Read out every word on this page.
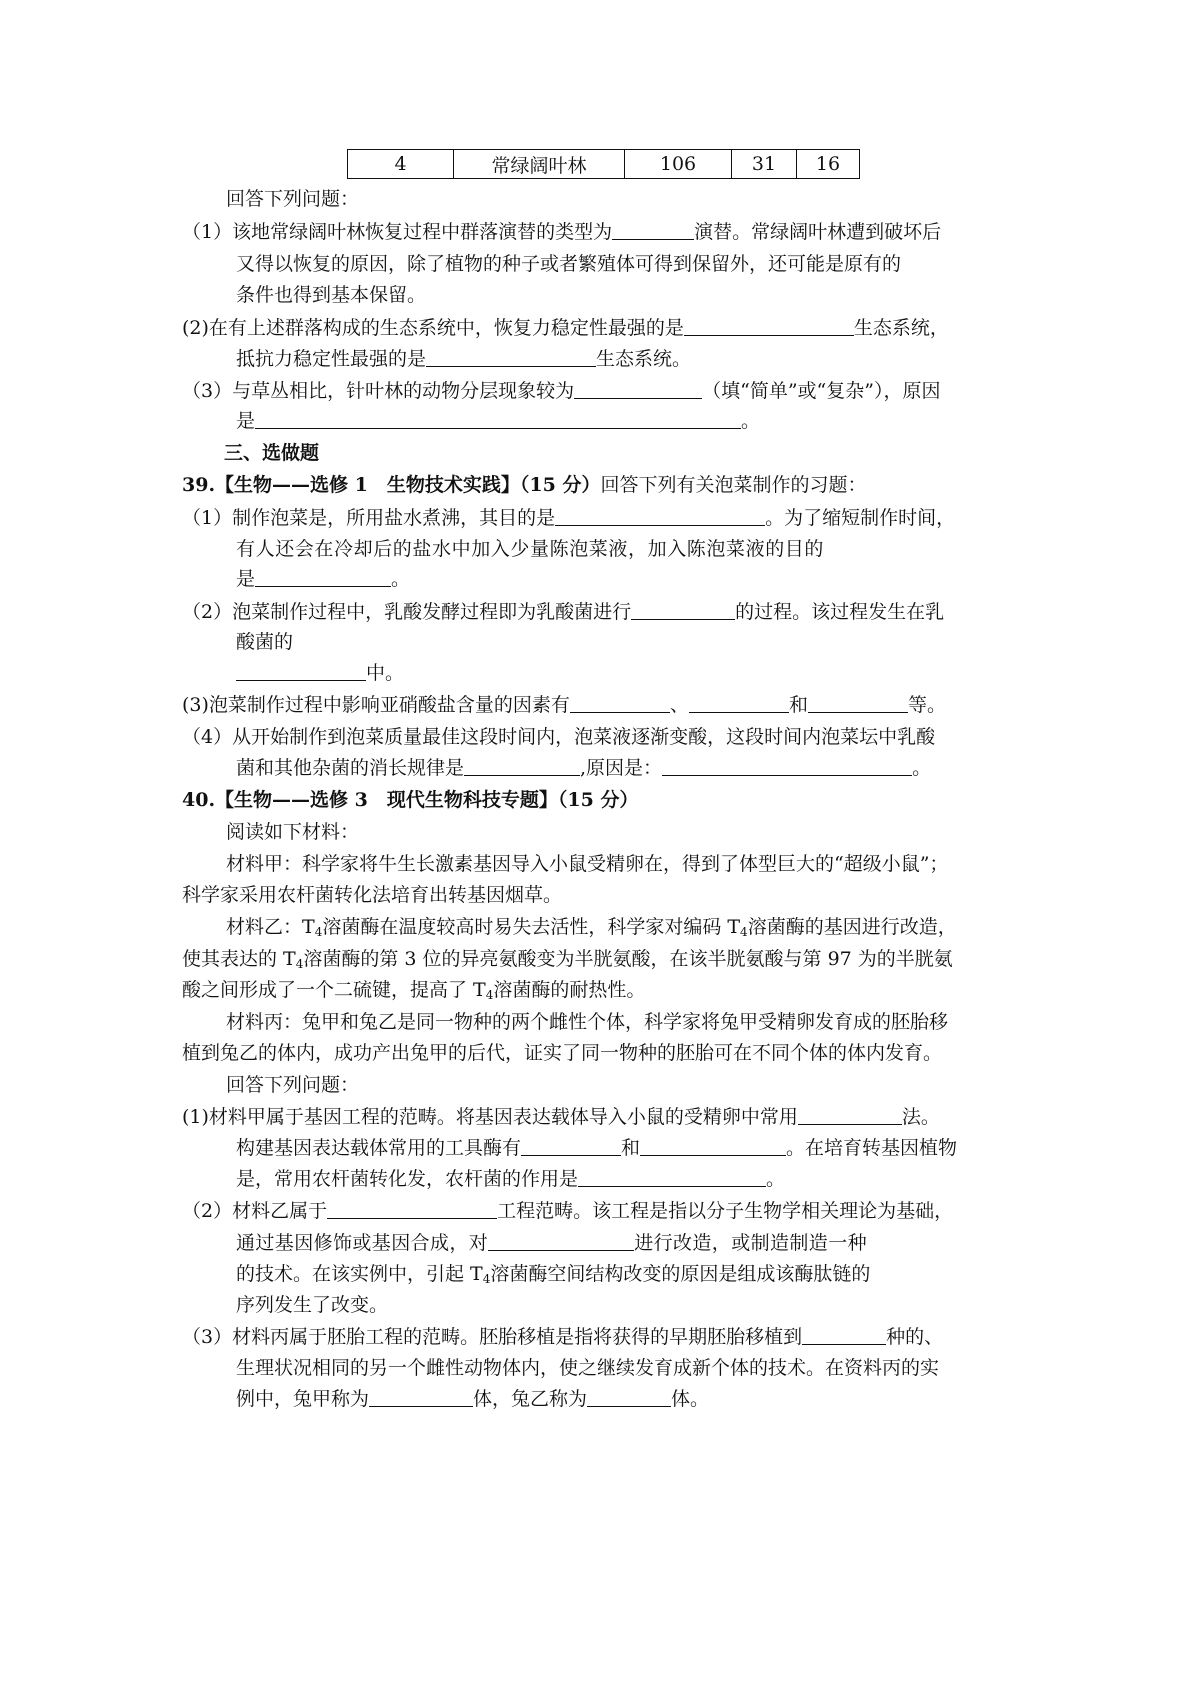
4	常绿阔叶林	106	31	16
回答下列问题：
（1）该地常绿阔叶林恢复过程中群落演替的类型为	演替。常绿阔叶林遭到破坏后
又得以恢复的原因，除了植物的种子或者繁殖体可得到保留外，还可能是原有的
条件也得到基本保留。
(2)在有上述群落构成的生态系统中，恢复力稳定性最强的是	生态系统，
抵抗力稳定性最强的是	生态系统。
（3）与草丛相比，针叶林的动物分层现象较为	（填“简单”或“复杂”），原因
是	。
三、选做题
39.【生物——选修 1　生物技术实践】（15 分）回答下列有关泡菜制作的习题：
（1）制作泡菜是，所用盐水煮沸，其目的是	。为了缩短制作时间，
有人还会在冷却后的盐水中加入少量陈泡菜液，加入陈泡菜液的目的
是	。
（2）泡菜制作过程中，乳酸发酵过程即为乳酸菌进行	的过程。该过程发生在乳
酸菌的
中。
(3)泡菜制作过程中影响亚硝酸盐含量的因素有	、	和	等。
（4）从开始制作到泡菜质量最佳这段时间内，泡菜液逐渐变酸，这段时间内泡菜坛中乳酸
菌和其他杂菌的消长规律是	,原因是：	。
40.【生物——选修 3　现代生物科技专题】（15 分）
阅读如下材料：
材料甲：科学家将牛生长激素基因导入小鼠受精卵在，得到了体型巨大的“超级小鼠”；
科学家采用农杆菌转化法培育出转基因烟草。
材料乙：$T_4$溶菌酶在温度较高时易失去活性，科学家对编码 $T_4$溶菌酶的基因进行改造，
使其表达的 $T_4$溶菌酶的第 3 位的异亮氨酸变为半胱氨酸，在该半胱氨酸与第 97 为的半胱氨
酸之间形成了一个二硫键，提高了 $T_4$溶菌酶的耐热性。
材料丙：兔甲和兔乙是同一物种的两个雌性个体，科学家将兔甲受精卵发育成的胚胎移
植到兔乙的体内，成功产出兔甲的后代，证实了同一物种的胚胎可在不同个体的体内发育。
回答下列问题：
(1)材料甲属于基因工程的范畴。将基因表达载体导入小鼠的受精卵中常用	法。
构建基因表达载体常用的工具酶有	和	。在培育转基因植物
是，常用农杆菌转化发，农杆菌的作用是	。
（2）材料乙属于	工程范畴。该工程是指以分子生物学相关理论为基础，
通过基因修饰或基因合成，对	进行改造，或制造制造一种
的技术。在该实例中，引起 $T_4$溶菌酶空间结构改变的原因是组成该酶肽链的
序列发生了改变。
（3）材料丙属于胚胎工程的范畴。胚胎移植是指将获得的早期胚胎移植到	种的、
生理状况相同的另一个雌性动物体内，使之继续发育成新个体的技术。在资料丙的实
例中，兔甲称为	体，兔乙称为	体。
